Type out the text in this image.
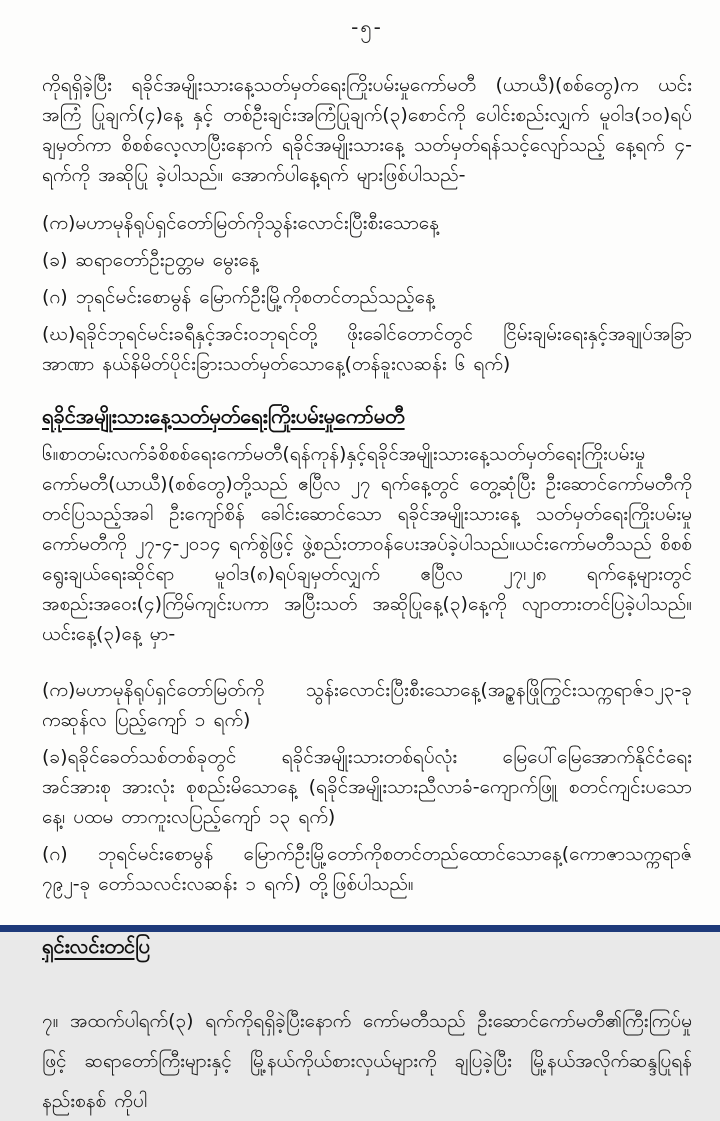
-၅-

ကိုရရှိခဲ့ပြီး ရခိုင်အမျိုးသားနေ့သတ်မှတ်ရေးကြိုးပမ်းမှုကော်မတီ (ယာယီ)(စစ်တွေ)က ယင်းအကြံ ပြုချက်(၄)နေ့ နှင့် တစ်ဦးချင်းအကြံပြုချက်(၃)စောင်ကို ပေါင်းစည်းလျှက် မူဝါဒ(၁၀)ရပ်ချမှတ်ကာ စိစစ်လေ့လာပြီးနောက် ရခိုင်အမျိုးသားနေ့ သတ်မှတ်ရန်သင့်လျော်သည့် နေ့ရက် ၄-ရက်ကို အဆိုပြု ခဲ့ပါသည်။ အောက်ပါနေ့ရက် များဖြစ်ပါသည်-

(က)မဟာမုနိရုပ်ရှင်တော်မြတ်ကိုသွန်းလောင်းပြီးစီးသောနေ့
(ခ) ဆရာတော်ဦးဥတ္တမ မွေးနေ့
(ဂ) ဘုရင်မင်းစောမွန် မြောက်ဦးမြို့ကိုစတင်တည်သည့်နေ့
(ဃ)ရခိုင်ဘုရင်မင်းခရီနှင့်အင်းဝဘုရင်တို့ ဖိုးခေါင်တောင်တွင် ငြိမ်းချမ်းရေးနှင့်အချုပ်အခြာ အာဏာ နယ်နိမိတ်ပိုင်းခြားသတ်မှတ်သောနေ့(တန်ခူးလဆန်း ၆ ရက်)
ရခိုင်အမျိုးသားနေ့သတ်မှတ်ရေးကြိုးပမ်းမှုကော်မတီ

၆။စာတမ်းလက်ခံစိစစ်ရေးကော်မတီ(ရန်ကုန်)နှင့်ရခိုင်အမျိုးသားနေ့သတ်မှတ်ရေးကြိုးပမ်းမှုကော်မတီ(ယာယီ)(စစ်တွေ)တို့သည် ဧပြီလ ၂၇ ရက်နေ့တွင် တွေ့ဆုံပြီး ဦးဆောင်ကော်မတီကို တင်ပြသည့်အခါ ဦးကျော်စိန် ခေါင်းဆောင်သော ရခိုင်အမျိုးသားနေ့ သတ်မှတ်ရေးကြိုးပမ်းမှုကော်မတီကို ၂၇-၄-၂၀၁၄ ရက်စွဲဖြင့် ဖွဲ့စည်းတာဝန်ပေးအပ်ခဲ့ပါသည်။ယင်းကော်မတီသည် စိစစ်ရွေးချယ်ရေးဆိုင်ရာ မူဝါဒ(၈)ရပ်ချမှတ်လျှက် ဧပြီလ ၂၇၊၂၈ ရက်နေ့များတွင် အစည်းအဝေး(၄)ကြိမ်ကျင်းပကာ အပြီးသတ် အဆိုပြုနေ့(၃)နေ့ကို လျာတားတင်ပြခဲ့ပါသည်။ ယင်းနေ့(၃)နေ့ မှာ-

(က)မဟာမုနိရုပ်ရှင်တော်မြတ်ကို သွန်းလောင်းပြီးစီးသောနေ့(အဉ္စနဖြိုကြွင်းသက္ကရာဇ်၁၂၃-ခု ကဆုန်လ ပြည့်ကျော် ၁ ရက်)
(ခ)ရခိုင်ခေတ်သစ်တစ်ခုတွင် ရခိုင်အမျိုးသားတစ်ရပ်လုံး မြေပေါ်မြေအောက်နိုင်ငံရေး အင်အားစု အားလုံး စုစည်းမိသောနေ့ (ရခိုင်အမျိုးသားညီလာခံ-ကျောက်ဖြူ စတင်ကျင်းပသောနေ့၊ ပထမ တာကူးလပြည့်ကျော် ၁၃ ရက်)
(ဂ) ဘုရင်မင်းစောမွန် မြောက်ဦးမြို့တော်ကိုစတင်တည်ထောင်သောနေ့(ကောဇာသက္ကရာဇ် ၇၉၂-ခု တော်သလင်းလဆန်း ၁ ရက်) တို့ဖြစ်ပါသည်။
ရှင်းလင်းတင်ပြ

၇။ အထက်ပါရက်(၃) ရက်ကိုရရှိခဲ့ပြီးနောက် ကော်မတီသည် ဦးဆောင်ကော်မတီ၏ကြီးကြပ်မှုဖြင့် ဆရာတော်ကြီးများနှင့် မြို့နယ်ကိုယ်စားလှယ်များကို ချပြခဲ့ပြီး မြို့နယ်အလိုက်ဆန္ဒပြုရန် နည်းစနစ် ကိုပါ
